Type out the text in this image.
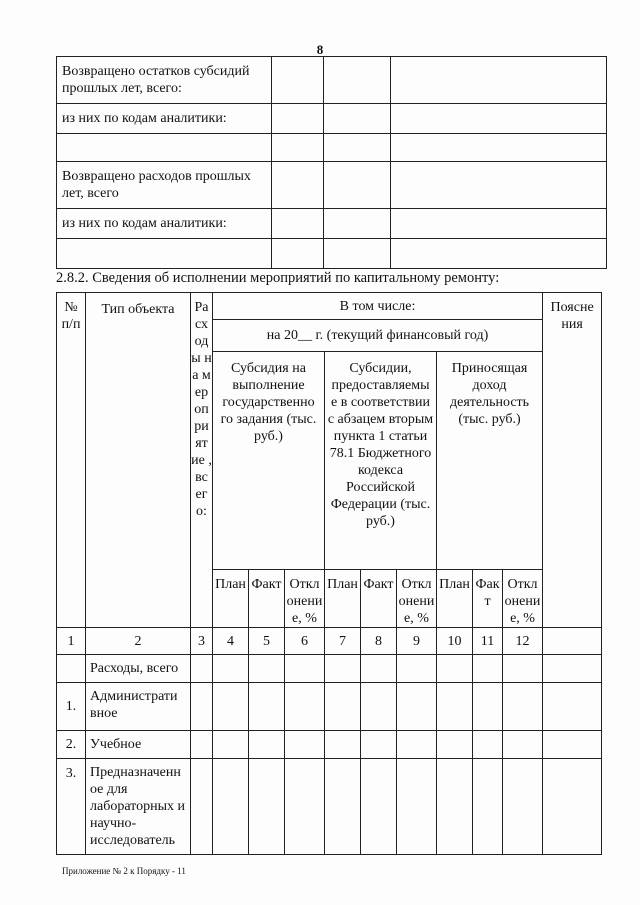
8
Возвращено остатков субсидий прошлых лет, всего:			
из них по кодам аналитики:			

Возвращено расходов прошлых лет, всего			
из них по кодам аналитики:			

2.8.2. Сведения об исполнении мероприятий по капитальному ремонту:
№ п/п	Тип объекта	Ра сх од ы на м ер оп ри ят ие , вс ег о:	В том числе:									Поясне ния
			на 20__ г. (текущий финансовый год)									
			Субсидия на выполнение государственно го задания (тыс. руб.)			Субсидии, предоставляемы е в соответствии с абзацем вторым пункта 1 статьи 78.1 Бюджетного кодекса Российской Федерации (тыс. руб.)			Приносящая доход деятельность (тыс. руб.)			
			План	Факт	Откл онени е, %	План	Факт	Откл онени е, %	План	Фак т	Откл онени е, %	
1	2	3	4	5	6	7	8	9	10	11	12	
	Расходы, всего											
1.	Администрати вное											
2.	Учебное											
3.	Предназначенн ое для лабораторных и научно-исследователь											
Приложение № 2 к Порядку - 11
